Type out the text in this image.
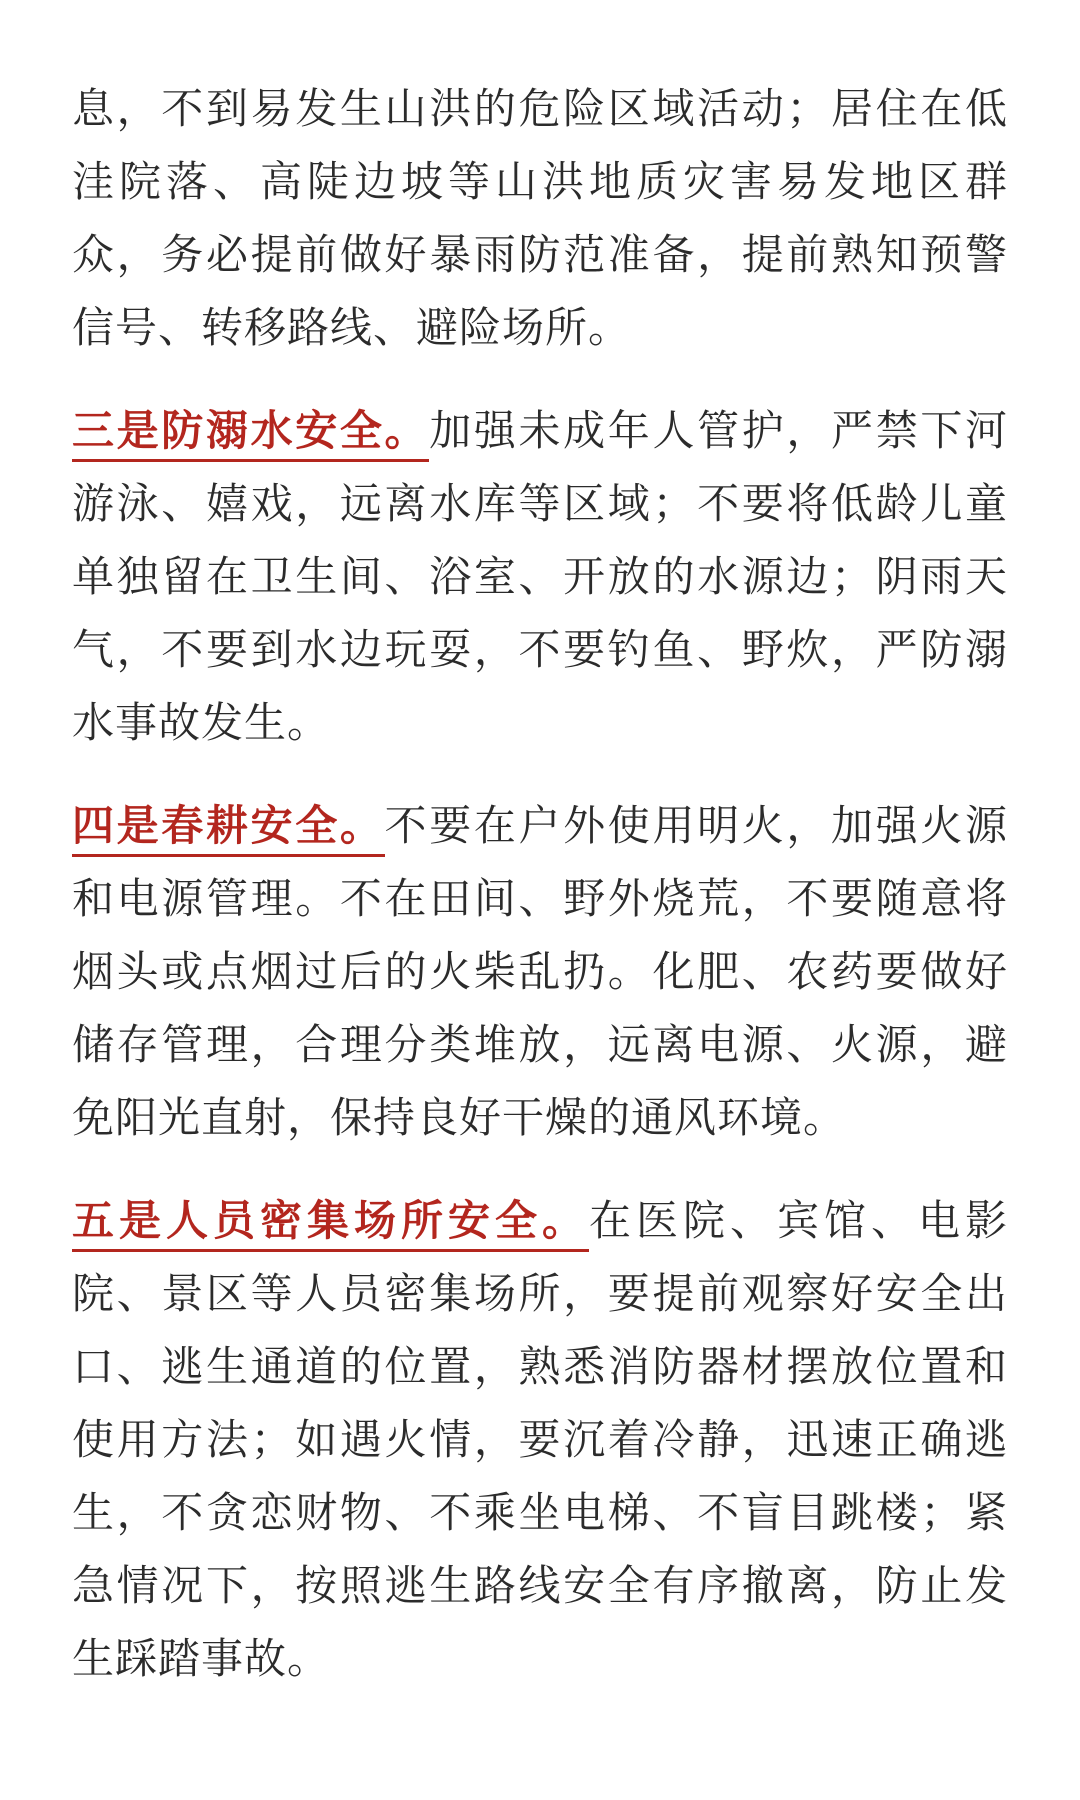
息，不到易发生山洪的危险区域活动；居住在低洼院落、高陡边坡等山洪地质灾害易发地区群众，务必提前做好暴雨防范准备，提前熟知预警信号、转移路线、避险场所。

三是防溺水安全。加强未成年人管护，严禁下河游泳、嬉戏，远离水库等区域；不要将低龄儿童单独留在卫生间、浴室、开放的水源边；阴雨天气，不要到水边玩耍，不要钓鱼、野炊，严防溺水事故发生。

四是春耕安全。不要在户外使用明火，加强火源和电源管理。不在田间、野外烧荒，不要随意将烟头或点烟过后的火柴乱扔。化肥、农药要做好储存管理，合理分类堆放，远离电源、火源，避免阳光直射，保持良好干燥的通风环境。

五是人员密集场所安全。在医院、宾馆、电影院、景区等人员密集场所，要提前观察好安全出口、逃生通道的位置，熟悉消防器材摆放位置和使用方法；如遇火情，要沉着冷静，迅速正确逃生，不贪恋财物、不乘坐电梯、不盲目跳楼；紧急情况下，按照逃生路线安全有序撤离，防止发生踩踏事故。
